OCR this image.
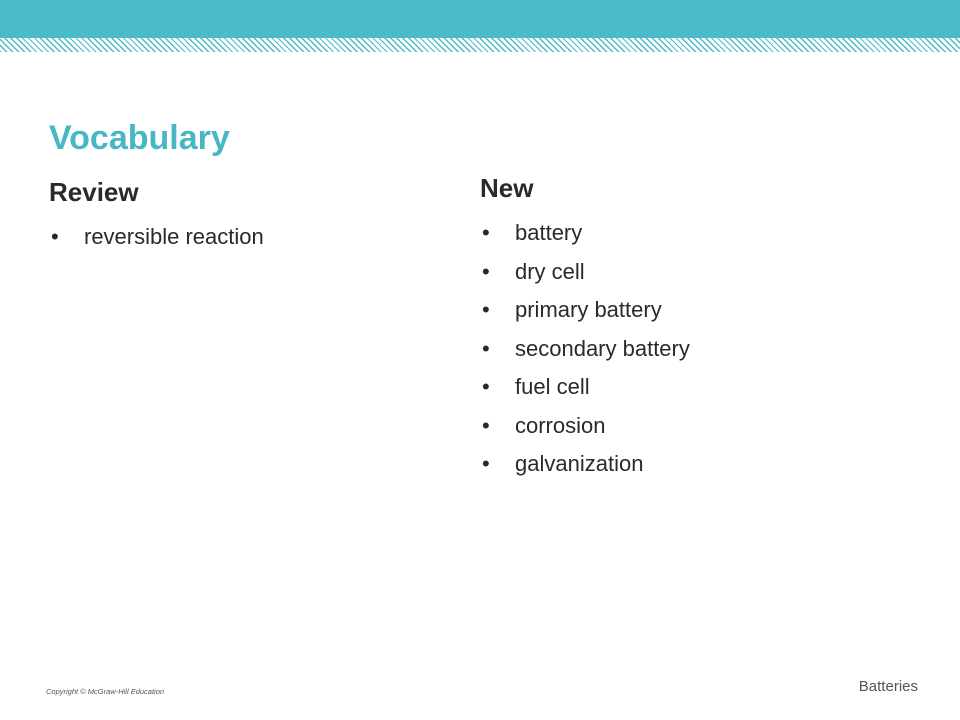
Vocabulary
Review
• reversible reaction
New
• battery
• dry cell
• primary battery
• secondary battery
• fuel cell
• corrosion
• galvanization
Copyright © McGraw-Hill Education	Batteries
